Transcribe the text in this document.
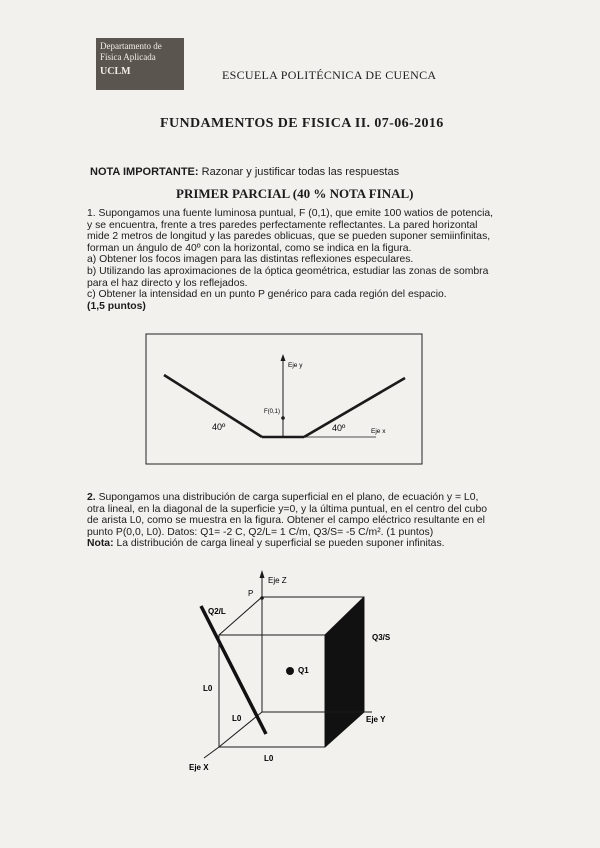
Departamento de
Física Aplicada
UCLM	ESCUELA POLITÉCNICA DE CUENCA
FUNDAMENTOS DE FISICA II. 07-06-2016
NOTA IMPORTANTE: Razonar y justificar todas las respuestas
PRIMER PARCIAL (40 % NOTA FINAL)

1. Supongamos una fuente luminosa puntual, F (0,1), que emite 100 watios de potencia, y se encuentra, frente a tres paredes perfectamente reflectantes. La pared horizontal mide 2 metros de longitud y las paredes oblicuas, que se pueden suponer semiinfinitas, forman un ángulo de 40º con la horizontal, como se indica en la figura.

a) Obtener los focos imagen para las distintas reflexiones especulares.

b) Utilizando las aproximaciones de la óptica geométrica, estudiar las zonas de sombra para el haz directo y los reflejados.

c) Obtener la intensidad en un punto P genérico para cada región del espacio.

(1,5 puntos)

2. Supongamos una distribución de carga superficial en el plano, de ecuación y = L0, otra lineal, en la diagonal de la superficie y=0, y la última puntual, en el centro del cubo de arista L0, como se muestra en la figura. Obtener el campo eléctrico resultante en el punto P(0,0, L0). Datos: Q1= -2 C, Q2/L= 1 C/m, Q3/S= -5 C/m². (1 puntos)

Nota: La distribución de carga lineal y superficial se pueden suponer infinitas.

Eje y
Eje x
F(0,1)
40º	40º
Eje Z
P
Q2/L
Q3/S
Q1
L0
L0
L0
Eje Y
Eje X
